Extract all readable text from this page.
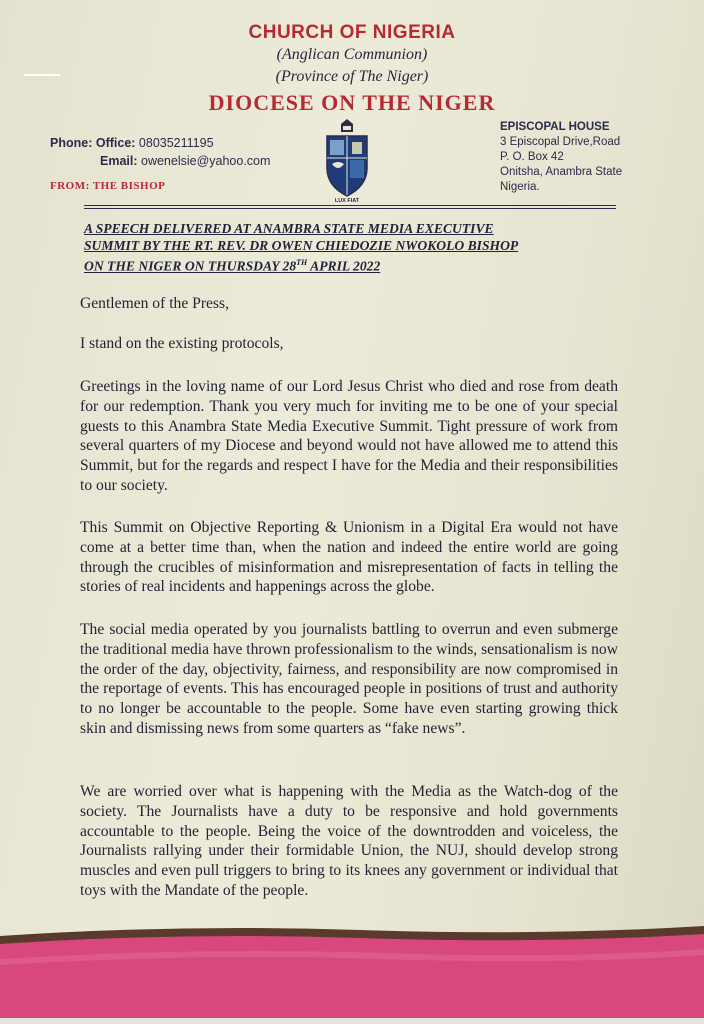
CHURCH OF NIGERIA
(Anglican Communion)
(Province of The Niger)
DIOCESE ON THE NIGER
Phone: Office: 08035211195
Email: owenelsie@yahoo.com
FROM: THE BISHOP
LUX FIAT
EPISCOPAL HOUSE
3 Episcopal Drive,Road
P. O. Box 42
Onitsha, Anambra State
Nigeria.
A SPEECH DELIVERED AT ANAMBRA STATE MEDIA EXECUTIVE
SUMMIT BY THE RT. REV. DR OWEN CHIEDOZIE NWOKOLO BISHOP
ON THE NIGER ON THURSDAY 28TH APRIL 2022

Gentlemen of the Press,

I stand on the existing protocols,

Greetings in the loving name of our Lord Jesus Christ who died and rose from death for our redemption. Thank you very much for inviting me to be one of your special guests to this Anambra State Media Executive Summit. Tight pressure of work from several quarters of my Diocese and beyond would not have allowed me to attend this Summit, but for the regards and respect I have for the Media and their responsibilities to our society.

This Summit on Objective Reporting & Unionism in a Digital Era would not have come at a better time than, when the nation and indeed the entire world are going through the crucibles of misinformation and misrepresentation of facts in telling the stories of real incidents and happenings across the globe.

The social media operated by you journalists battling to overrun and even submerge the traditional media have thrown professionalism to the winds, sensationalism is now the order of the day, objectivity, fairness, and responsibility are now compromised in the reportage of events. This has encouraged people in positions of trust and authority to no longer be accountable to the people. Some have even starting growing thick skin and dismissing news from some quarters as “fake news”.

We are worried over what is happening with the Media as the Watch-dog of the society. The Journalists have a duty to be responsive and hold governments accountable to the people. Being the voice of the downtrodden and voiceless, the Journalists rallying under their formidable Union, the NUJ, should develop strong muscles and even pull triggers to bring to its knees any government or individual that toys with the Mandate of the people.
